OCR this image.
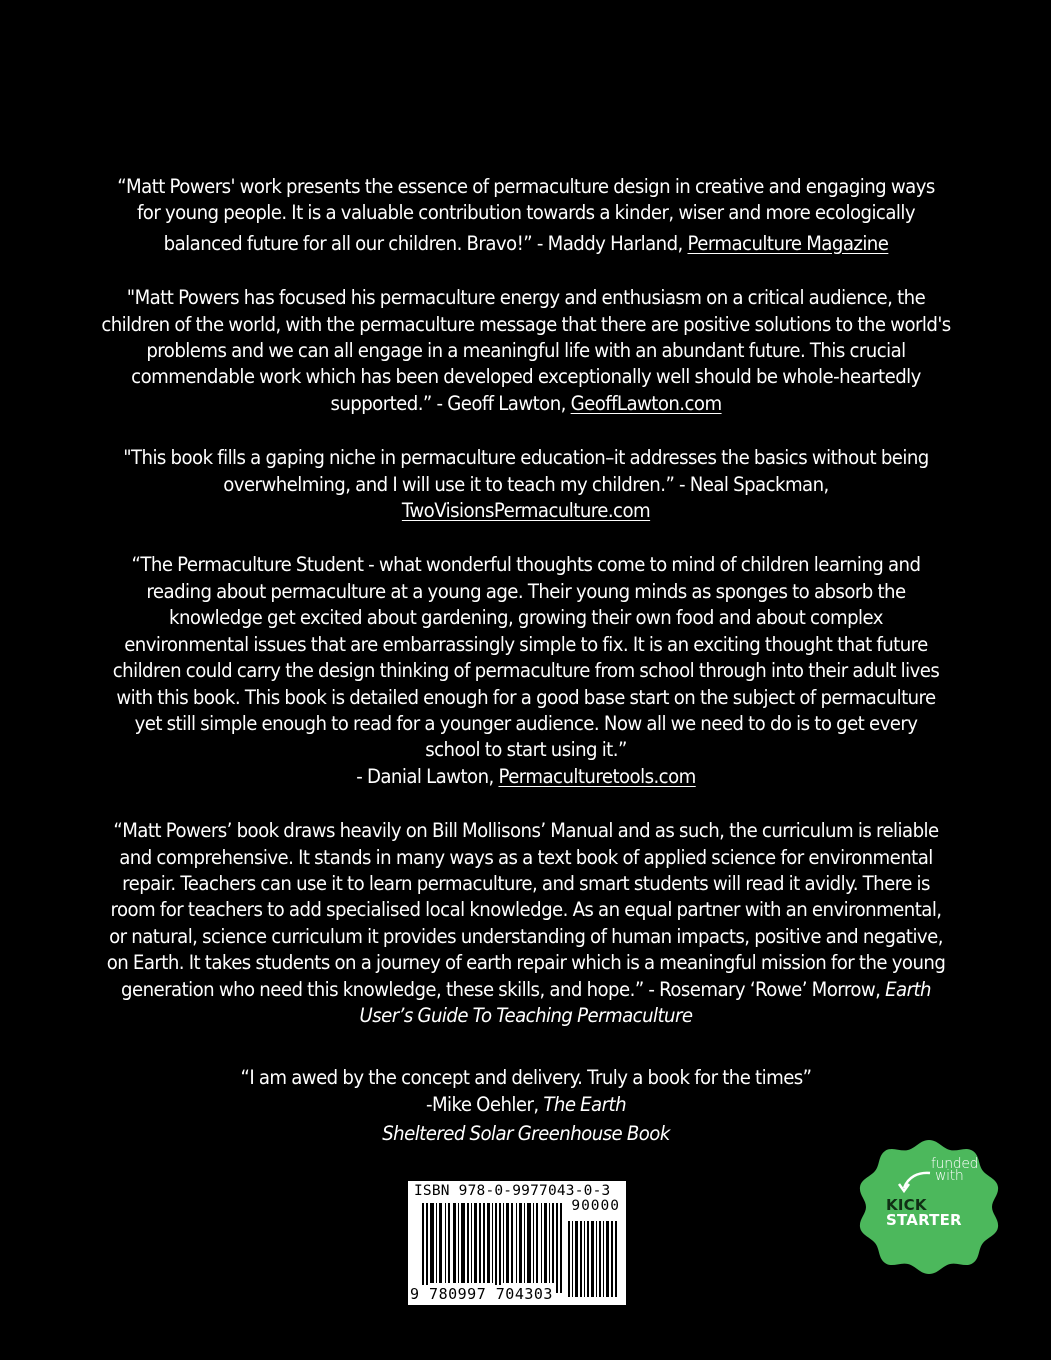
“Matt Powers' work presents the essence of permaculture design in creative and engaging ways
for young people. It is a valuable contribution towards a kinder, wiser and more ecologically
balanced future for all our children. Bravo!” - Maddy Harland, Permaculture Magazine

"Matt Powers has focused his permaculture energy and enthusiasm on a critical audience, the
children of the world, with the permaculture message that there are positive solutions to the world's
problems and we can all engage in a meaningful life with an abundant future. This crucial
commendable work which has been developed exceptionally well should be whole-heartedly
supported.” - Geoff Lawton, GeoffLawton.com

"This book fills a gaping niche in permaculture education–it addresses the basics without being
overwhelming, and I will use it to teach my children.” - Neal Spackman,
TwoVisionsPermaculture.com

“The Permaculture Student - what wonderful thoughts come to mind of children learning and
reading about permaculture at a young age. Their young minds as sponges to absorb the
knowledge get excited about gardening, growing their own food and about complex
environmental issues that are embarrassingly simple to fix. It is an exciting thought that future
children could carry the design thinking of permaculture from school through into their adult lives
with this book. This book is detailed enough for a good base start on the subject of permaculture
yet still simple enough to read for a younger audience. Now all we need to do is to get every
school to start using it.”
- Danial Lawton, Permaculturetools.com

“Matt Powers’ book draws heavily on Bill Mollisons’ Manual and as such, the curriculum is reliable
and comprehensive. It stands in many ways as a text book of applied science for environmental
repair. Teachers can use it to learn permaculture, and smart students will read it avidly. There is
room for teachers to add specialised local knowledge. As an equal partner with an environmental,
or natural, science curriculum it provides understanding of human impacts, positive and negative,
on Earth. It takes students on a journey of earth repair which is a meaningful mission for the young
generation who need this knowledge, these skills, and hope.” - Rosemary ‘Rowe’ Morrow, Earth
User’s Guide To Teaching Permaculture

“I am awed by the concept and delivery. Truly a book for the times”
-Mike Oehler, The Earth
Sheltered Solar Greenhouse Book

ISBN 978-0-9977043-0-3
90000
9 780997 704303
funded
with
KICK
STARTER
